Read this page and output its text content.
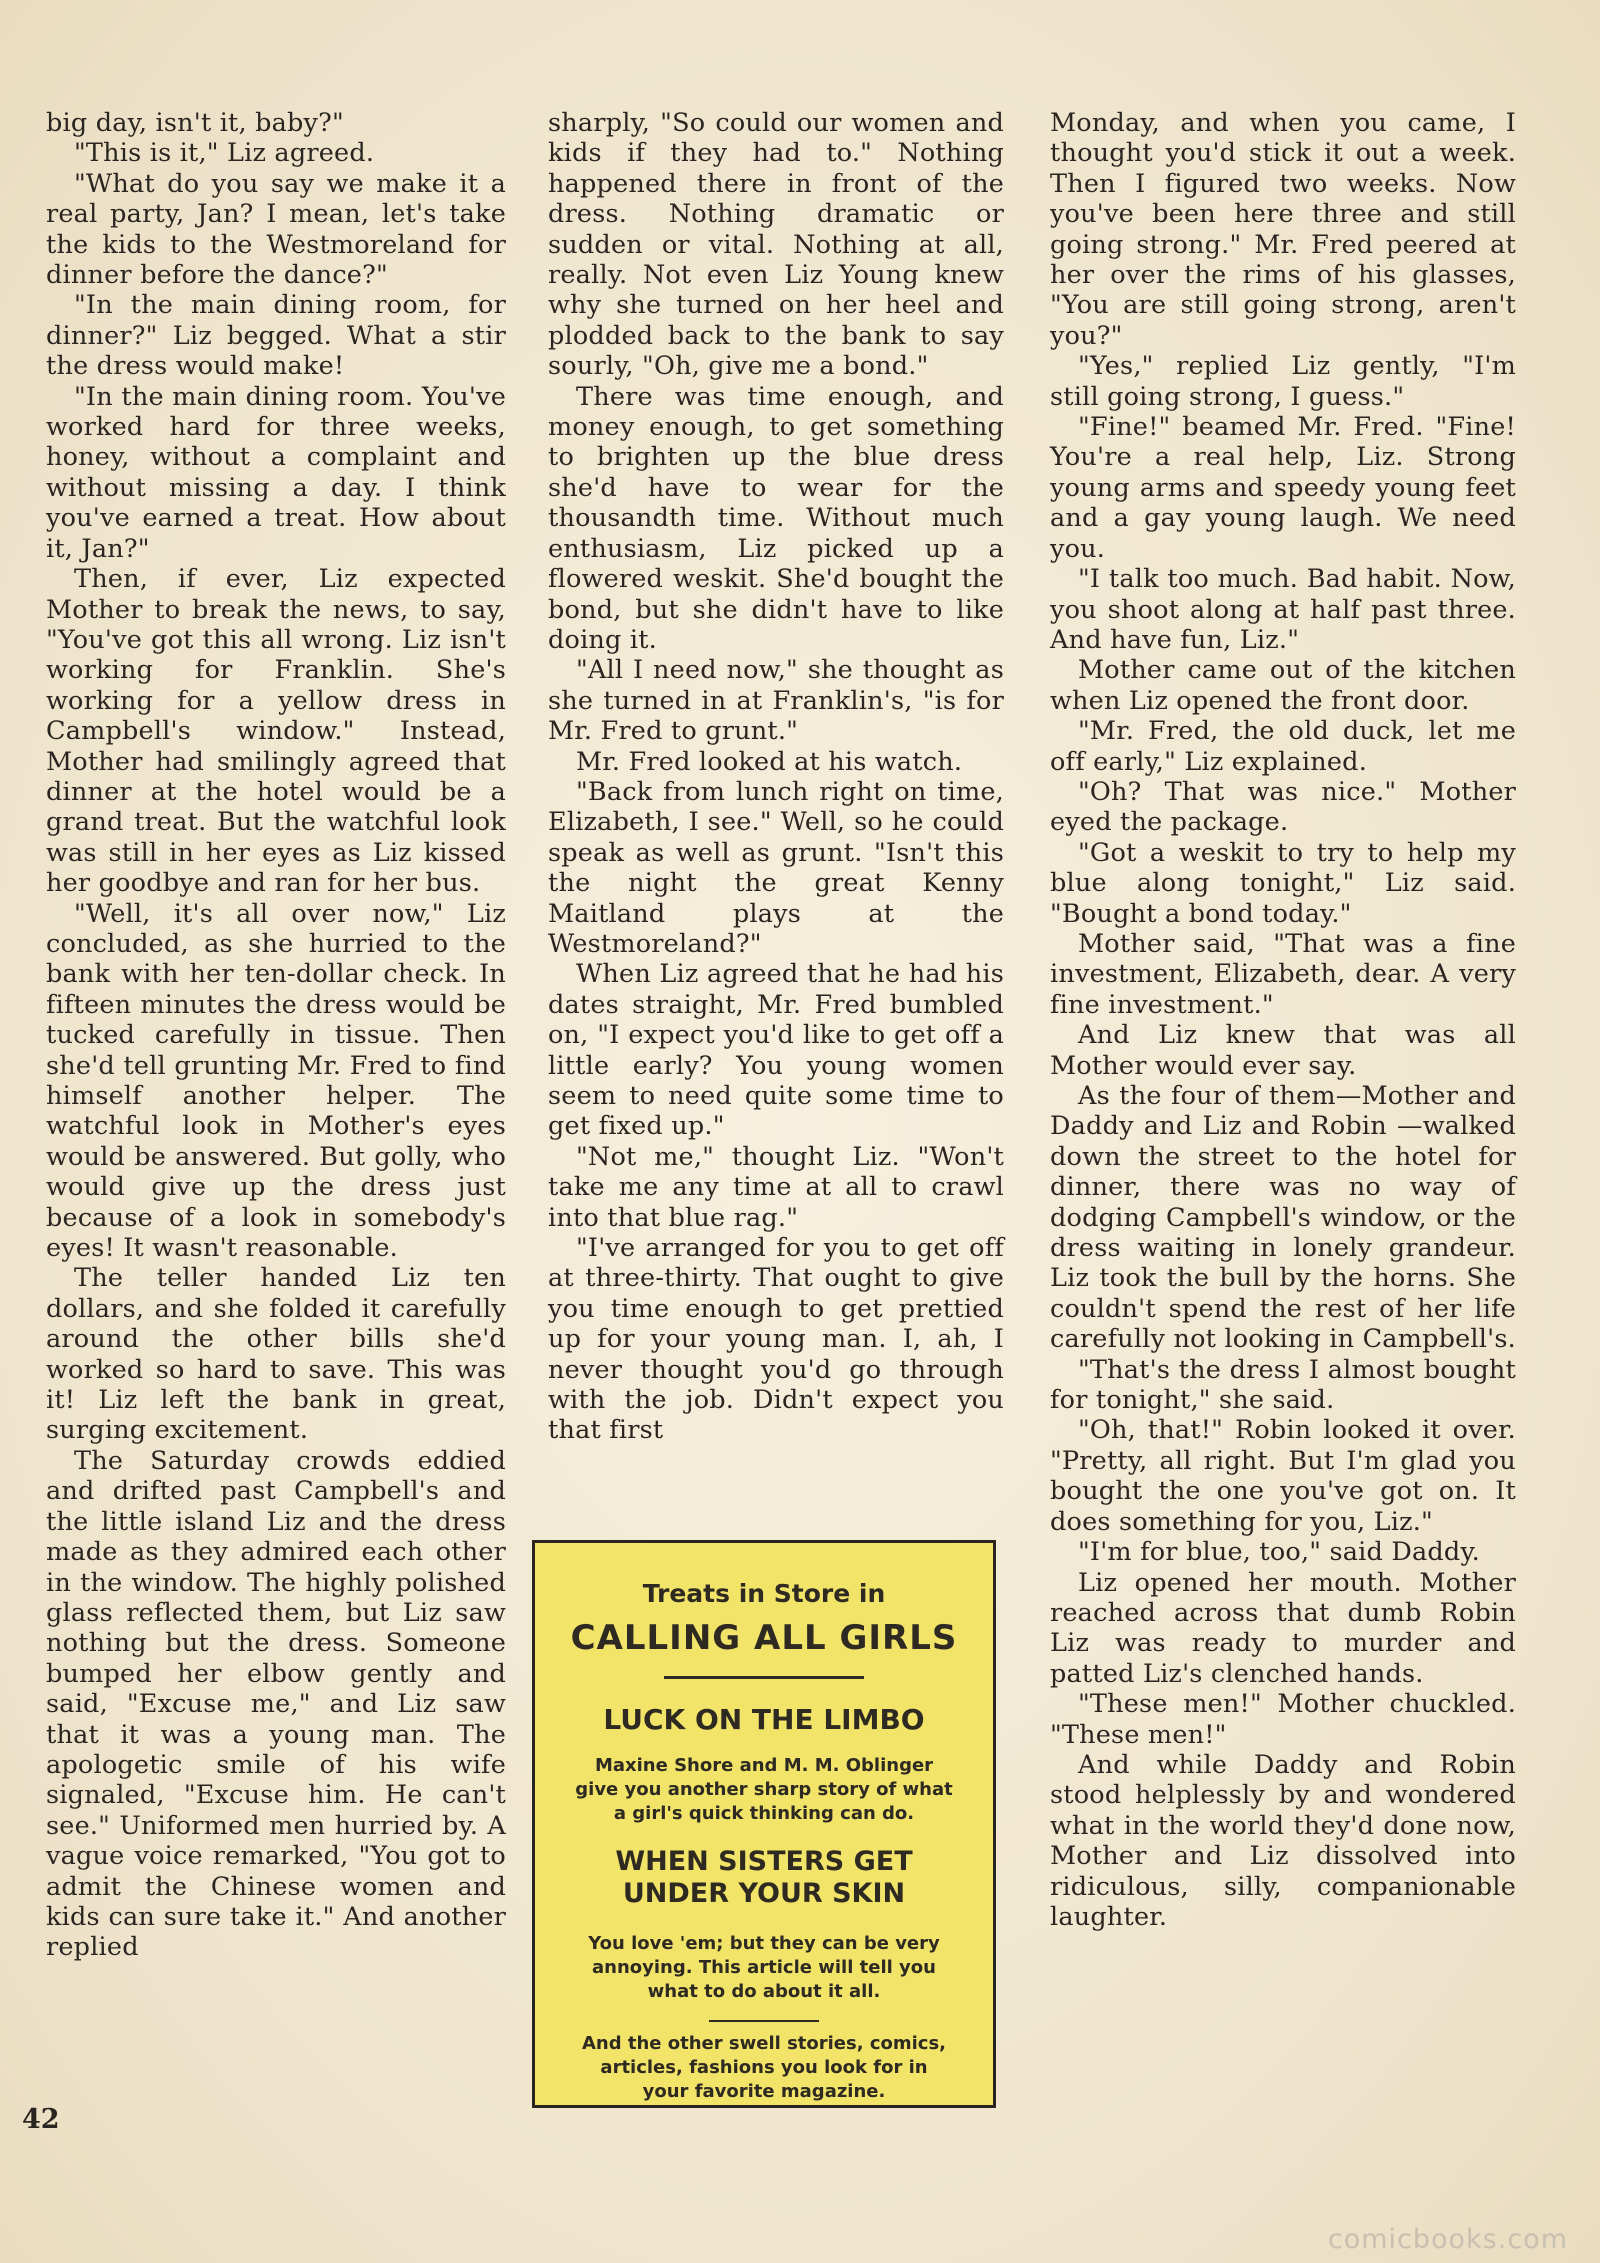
big day, isn't it, baby?"

"This is it," Liz agreed.

"What do you say we make it a real party, Jan? I mean, let's take the kids to the Westmoreland for dinner before the dance?"

"In the main dining room, for dinner?" Liz begged. What a stir the dress would make!

"In the main dining room. You've worked hard for three weeks, honey, without a complaint and without missing a day. I think you've earned a treat. How about it, Jan?"

Then, if ever, Liz expected Mother to break the news, to say, "You've got this all wrong. Liz isn't working for Franklin. She's working for a yellow dress in Campbell's window." Instead, Mother had smilingly agreed that dinner at the hotel would be a grand treat. But the watchful look was still in her eyes as Liz kissed her goodbye and ran for her bus.

"Well, it's all over now," Liz concluded, as she hurried to the bank with her ten-dollar check. In fifteen minutes the dress would be tucked carefully in tissue. Then she'd tell grunting Mr. Fred to find himself another helper. The watchful look in Mother's eyes would be answered. But golly, who would give up the dress just because of a look in somebody's eyes! It wasn't reasonable.

The teller handed Liz ten dollars, and she folded it carefully around the other bills she'd worked so hard to save. This was it! Liz left the bank in great, surging excitement.

The Saturday crowds eddied and drifted past Campbell's and the little island Liz and the dress made as they admired each other in the window. The highly polished glass reflected them, but Liz saw nothing but the dress. Someone bumped her elbow gently and said, "Excuse me," and Liz saw that it was a young man. The apologetic smile of his wife signaled, "Excuse him. He can't see." Uniformed men hurried by. A vague voice remarked, "You got to admit the Chinese women and kids can sure take it." And another replied

sharply, "So could our women and kids if they had to." Nothing happened there in front of the dress. Nothing dramatic or sudden or vital. Nothing at all, really. Not even Liz Young knew why she turned on her heel and plodded back to the bank to say sourly, "Oh, give me a bond."

There was time enough, and money enough, to get something to brighten up the blue dress she'd have to wear for the thousandth time. Without much enthusiasm, Liz picked up a flowered weskit. She'd bought the bond, but she didn't have to like doing it.

"All I need now," she thought as she turned in at Franklin's, "is for Mr. Fred to grunt."

Mr. Fred looked at his watch.

"Back from lunch right on time, Elizabeth, I see." Well, so he could speak as well as grunt. "Isn't this the night the great Kenny Maitland plays at the Westmoreland?"

When Liz agreed that he had his dates straight, Mr. Fred bumbled on, "I expect you'd like to get off a little early? You young women seem to need quite some time to get fixed up."

"Not me," thought Liz. "Won't take me any time at all to crawl into that blue rag."

"I've arranged for you to get off at three-thirty. That ought to give you time enough to get prettied up for your young man. I, ah, I never thought you'd go through with the job. Didn't expect you that first

Monday, and when you came, I thought you'd stick it out a week. Then I figured two weeks. Now you've been here three and still going strong." Mr. Fred peered at her over the rims of his glasses, "You are still going strong, aren't you?"

"Yes," replied Liz gently, "I'm still going strong, I guess."

"Fine!" beamed Mr. Fred. "Fine! You're a real help, Liz. Strong young arms and speedy young feet and a gay young laugh. We need you.

"I talk too much. Bad habit. Now, you shoot along at half past three. And have fun, Liz."

Mother came out of the kitchen when Liz opened the front door.

"Mr. Fred, the old duck, let me off early," Liz explained.

"Oh? That was nice." Mother eyed the package.

"Got a weskit to try to help my blue along tonight," Liz said. "Bought a bond today."

Mother said, "That was a fine investment, Elizabeth, dear. A very fine investment."

And Liz knew that was all Mother would ever say.

As the four of them—Mother and Daddy and Liz and Robin —walked down the street to the hotel for dinner, there was no way of dodging Campbell's window, or the dress waiting in lonely grandeur. Liz took the bull by the horns. She couldn't spend the rest of her life carefully not looking in Campbell's.

"That's the dress I almost bought for tonight," she said.

"Oh, that!" Robin looked it over. "Pretty, all right. But I'm glad you bought the one you've got on. It does something for you, Liz."

"I'm for blue, too," said Daddy.

Liz opened her mouth. Mother reached across that dumb Robin Liz was ready to murder and patted Liz's clenched hands.

"These men!" Mother chuckled. "These men!"

And while Daddy and Robin stood helplessly by and wondered what in the world they'd done now, Mother and Liz dissolved into ridiculous, silly, companionable laughter.

Treats in Store in
CALLING ALL GIRLS
LUCK ON THE LIMBO
Maxine Shore and M. M. Oblinger give you another sharp story of what a girl's quick thinking can do.
WHEN SISTERS GET UNDER YOUR SKIN
You love 'em; but they can be very annoying. This article will tell you what to do about it all.
And the other swell stories, comics, articles, fashions you look for in your favorite magazine.
42
comicbooks.com
